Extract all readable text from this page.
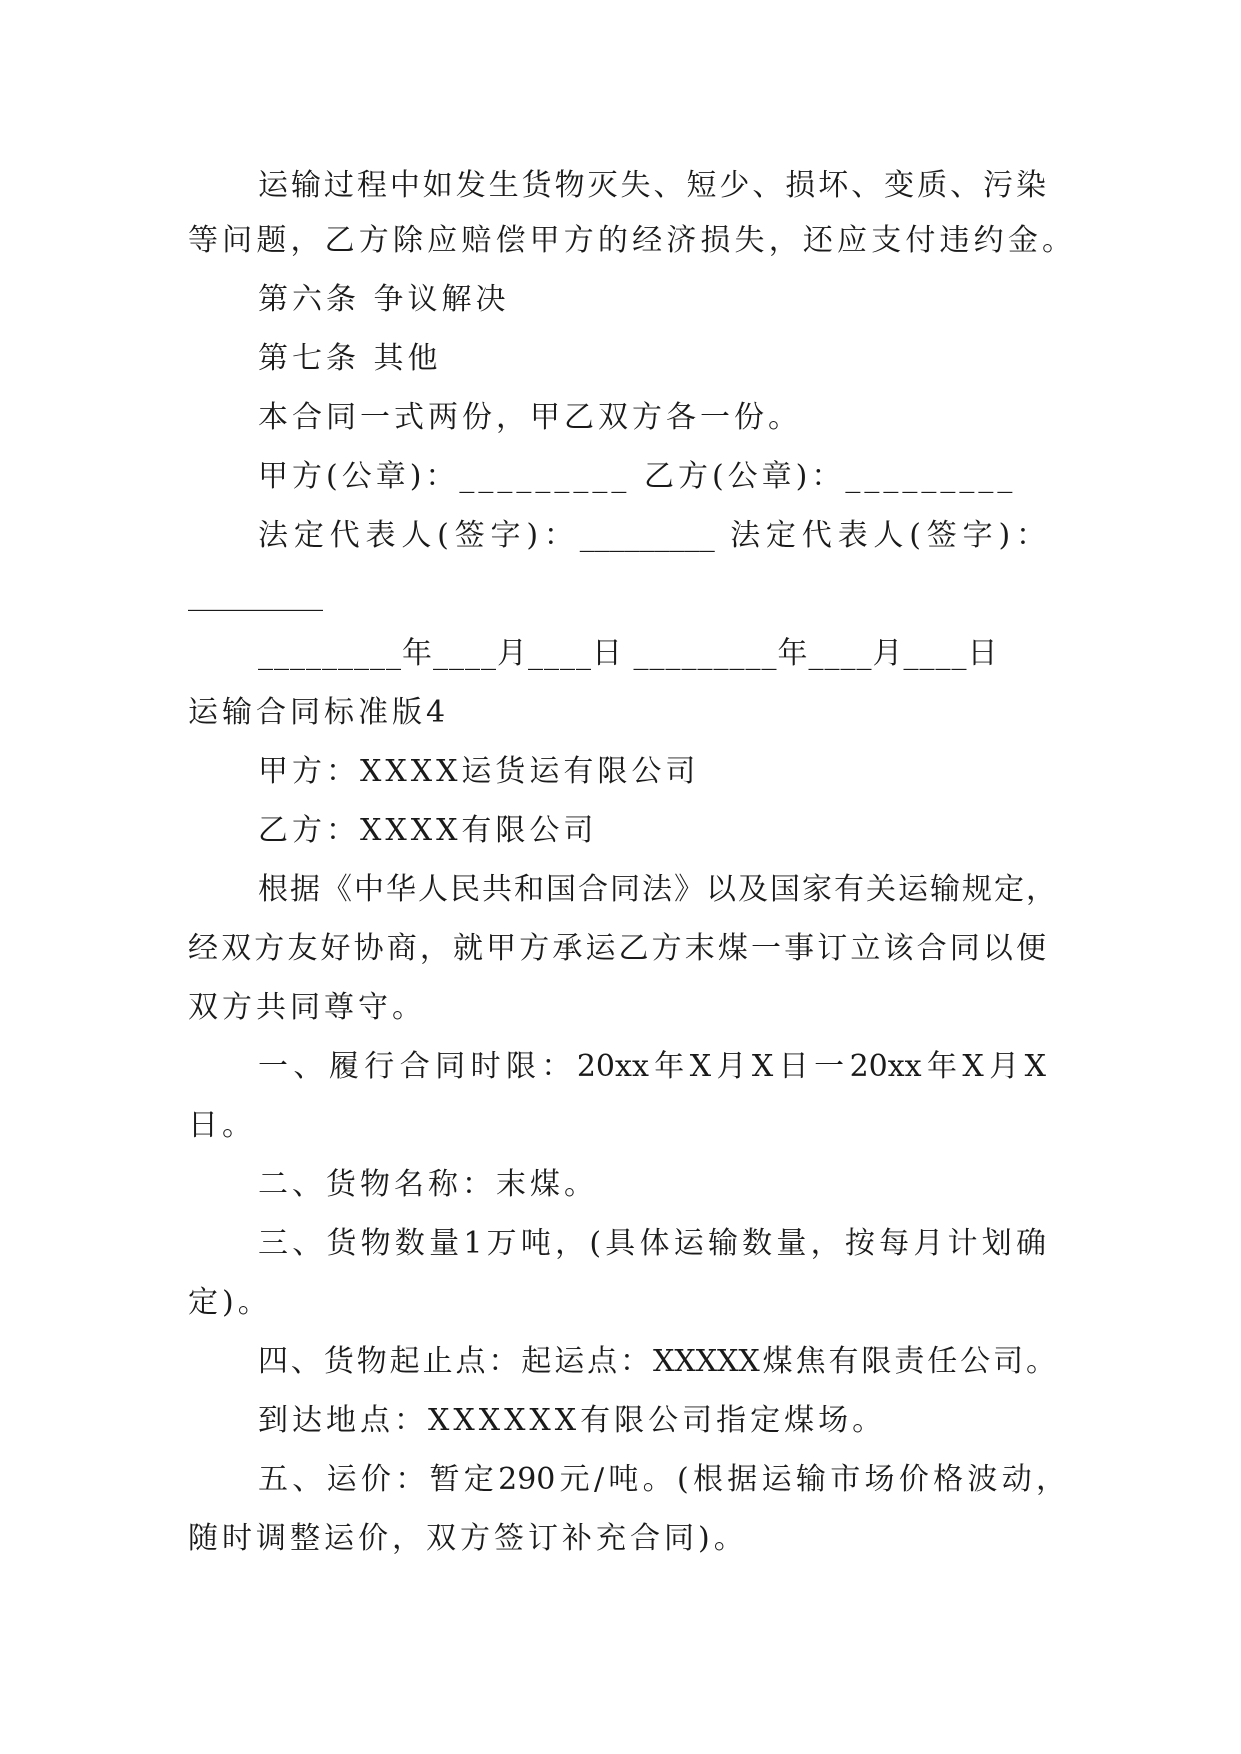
运输过程中如发生货物灭失、短少、损坏、变质、污染
等问题，乙方除应赔偿甲方的经济损失，还应支付违约金。
第六条 争议解决
第七条 其他
本合同一式两份，甲乙双方各一份。
甲方(公章)：_________ 乙方(公章)：_________
法定代表人(签字)：_________ 法定代表人(签字)：
_________
_________年____月____日 _________年____月____日
运输合同标准版4
甲方：XXXX运货运有限公司
乙方：XXXX有限公司
根据《中华人民共和国合同法》以及国家有关运输规定，
经双方友好协商，就甲方承运乙方末煤一事订立该合同以便
双方共同尊守。
一、履行合同时限：20xx年X月X日一20xx年X月X
日。
二、货物名称：末煤。
三、货物数量1万吨，(具体运输数量，按每月计划确
定)。
四、货物起止点：起运点：XXXXX煤焦有限责任公司。
到达地点：XXXXXX有限公司指定煤场。
五、运价：暂定290元/吨。(根据运输市场价格波动，
随时调整运价，双方签订补充合同)。
